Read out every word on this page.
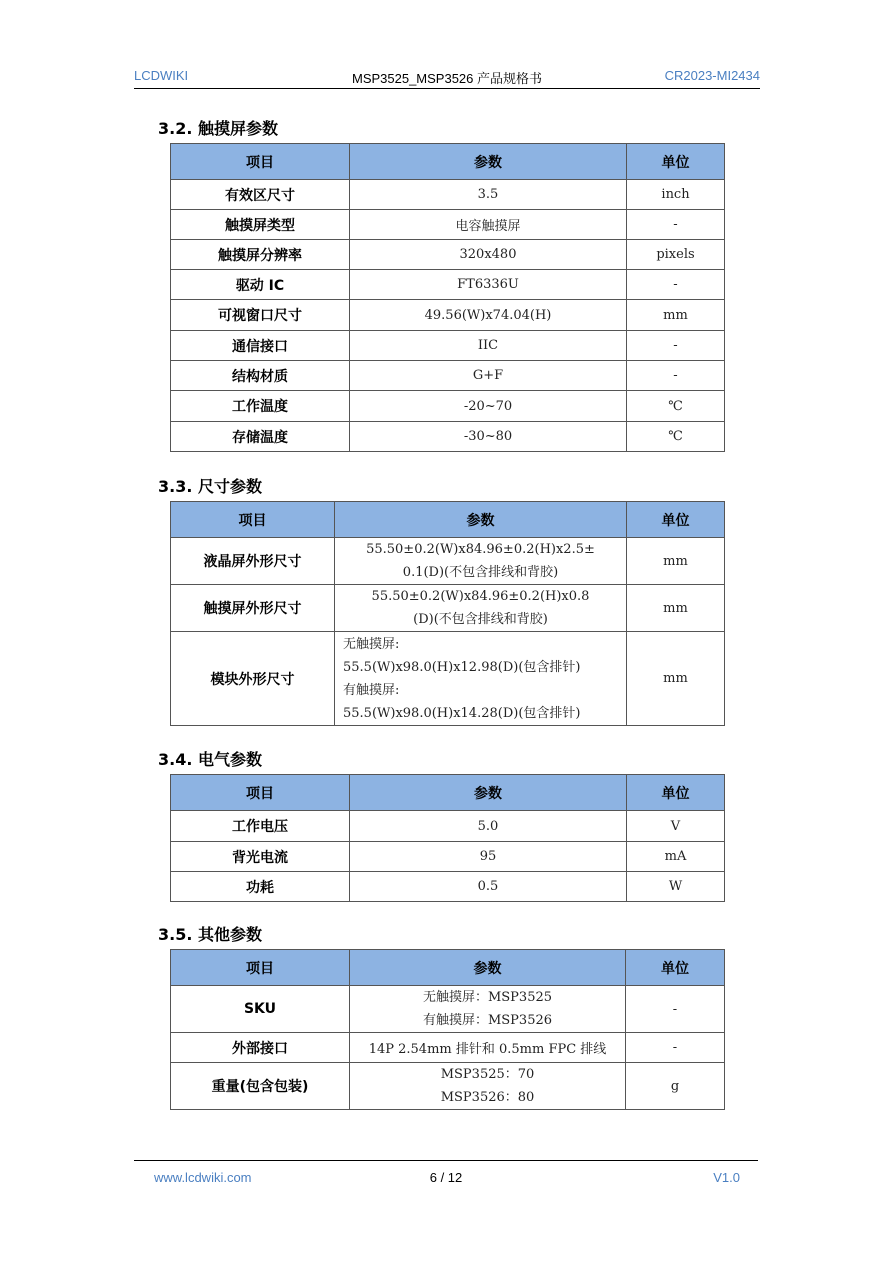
LCDWIKI	MSP3525_MSP3526 产品规格书	CR2023-MI2434
3.2. 触摸屏参数
项目	参数	单位
有效区尺寸	3.5	inch
触摸屏类型	电容触摸屏	-
触摸屏分辨率	320x480	pixels
驱动 IC	FT6336U	-
可视窗口尺寸	49.56(W)x74.04(H)	mm
通信接口	IIC	-
结构材质	G+F	-
工作温度	-20~70	℃
存储温度	-30~80	℃
3.3. 尺寸参数
项目	参数	单位
液晶屏外形尺寸	55.50±0.2(W)x84.96±0.2(H)x2.5±
0.1(D)(不包含排线和背胶)	mm
触摸屏外形尺寸	55.50±0.2(W)x84.96±0.2(H)x0.8
(D)(不包含排线和背胶)	mm
模块外形尺寸	无触摸屏:
55.5(W)x98.0(H)x12.98(D)(包含排针)
有触摸屏:
55.5(W)x98.0(H)x14.28(D)(包含排针)	mm
3.4. 电气参数
项目	参数	单位
工作电压	5.0	V
背光电流	95	mA
功耗	0.5	W
3.5. 其他参数
项目	参数	单位
SKU	无触摸屏：MSP3525
有触摸屏：MSP3526	-
外部接口	14P 2.54mm 排针和 0.5mm FPC 排线	-
重量(包含包装)	MSP3525：70
MSP3526：80	g
www.lcdwiki.com	6 / 12	V1.0
